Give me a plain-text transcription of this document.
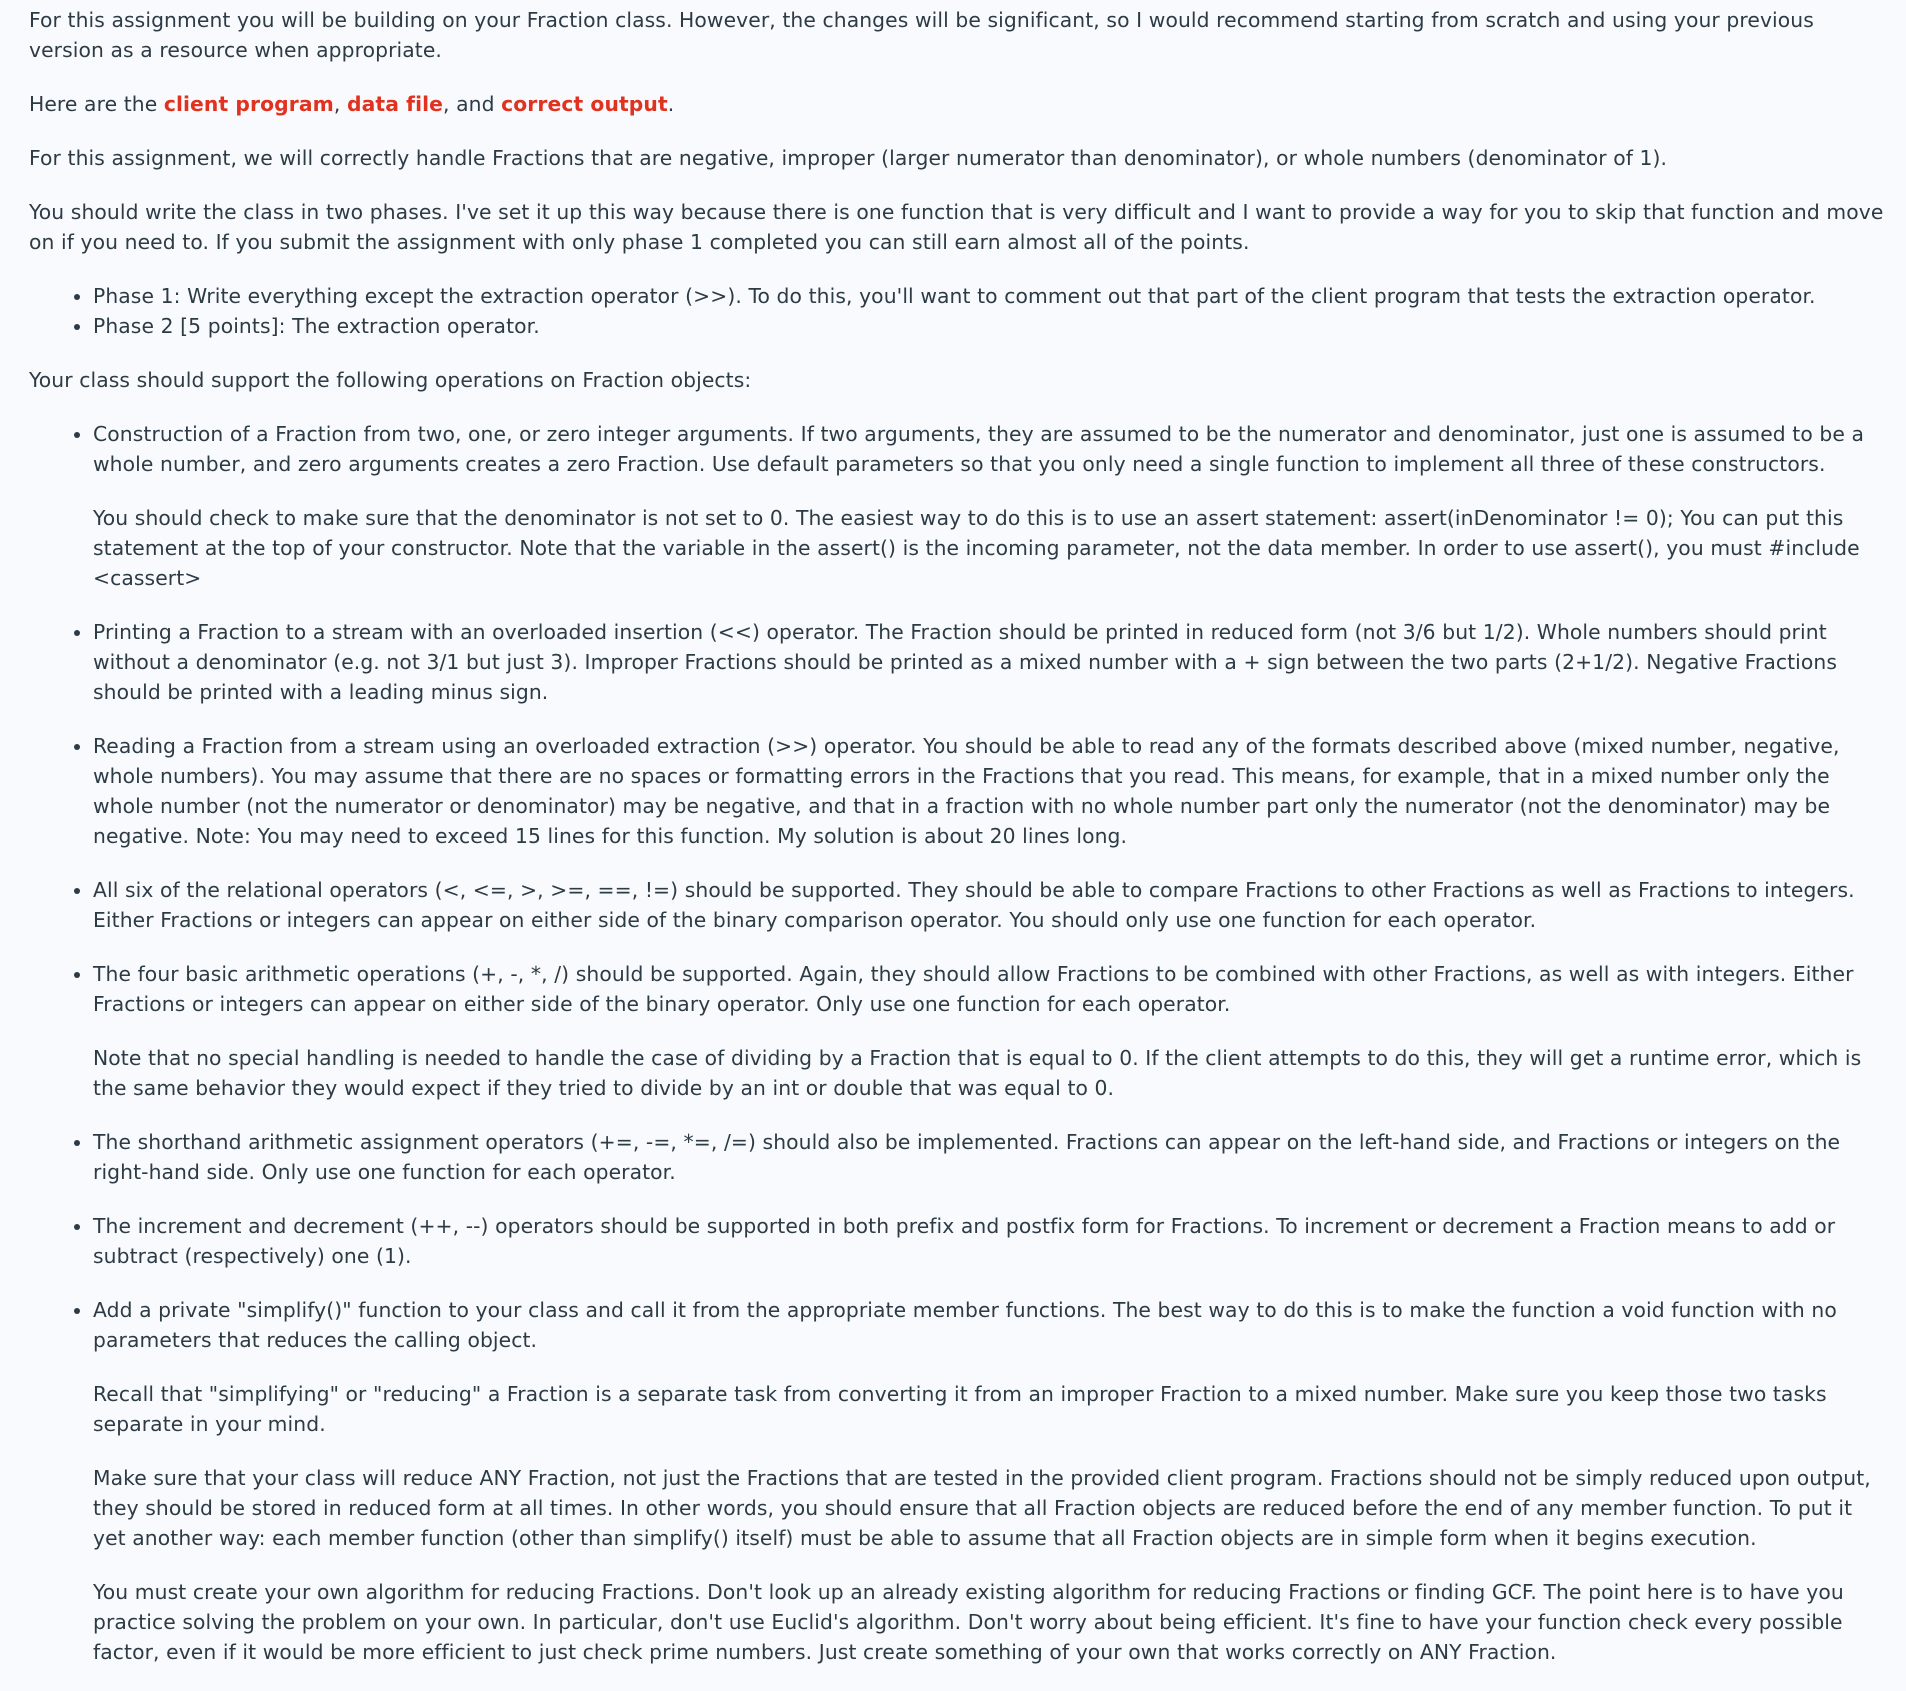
For this assignment you will be building on your Fraction class. However, the changes will be significant, so I would recommend starting from scratch and using your previous version as a resource when appropriate.

Here are the client program, data file, and correct output.

For this assignment, we will correctly handle Fractions that are negative, improper (larger numerator than denominator), or whole numbers (denominator of 1).

You should write the class in two phases. I've set it up this way because there is one function that is very difficult and I want to provide a way for you to skip that function and move on if you need to. If you submit the assignment with only phase 1 completed you can still earn almost all of the points.

• Phase 1: Write everything except the extraction operator (>>). To do this, you'll want to comment out that part of the client program that tests the extraction operator.
• Phase 2 [5 points]: The extraction operator.

Your class should support the following operations on Fraction objects:

• Construction of a Fraction from two, one, or zero integer arguments. If two arguments, they are assumed to be the numerator and denominator, just one is assumed to be a whole number, and zero arguments creates a zero Fraction. Use default parameters so that you only need a single function to implement all three of these constructors.

You should check to make sure that the denominator is not set to 0. The easiest way to do this is to use an assert statement: assert(inDenominator != 0); You can put this statement at the top of your constructor. Note that the variable in the assert() is the incoming parameter, not the data member. In order to use assert(), you must #include <cassert>

• Printing a Fraction to a stream with an overloaded insertion (<<) operator. The Fraction should be printed in reduced form (not 3/6 but 1/2). Whole numbers should print without a denominator (e.g. not 3/1 but just 3). Improper Fractions should be printed as a mixed number with a + sign between the two parts (2+1/2). Negative Fractions should be printed with a leading minus sign.
• Reading a Fraction from a stream using an overloaded extraction (>>) operator. You should be able to read any of the formats described above (mixed number, negative, whole numbers). You may assume that there are no spaces or formatting errors in the Fractions that you read. This means, for example, that in a mixed number only the whole number (not the numerator or denominator) may be negative, and that in a fraction with no whole number part only the numerator (not the denominator) may be negative. Note: You may need to exceed 15 lines for this function. My solution is about 20 lines long.
• All six of the relational operators (<, <=, >, >=, ==, !=) should be supported. They should be able to compare Fractions to other Fractions as well as Fractions to integers. Either Fractions or integers can appear on either side of the binary comparison operator. You should only use one function for each operator.
• The four basic arithmetic operations (+, -, *, /) should be supported. Again, they should allow Fractions to be combined with other Fractions, as well as with integers. Either Fractions or integers can appear on either side of the binary operator. Only use one function for each operator.

Note that no special handling is needed to handle the case of dividing by a Fraction that is equal to 0. If the client attempts to do this, they will get a runtime error, which is the same behavior they would expect if they tried to divide by an int or double that was equal to 0.

• The shorthand arithmetic assignment operators (+=, -=, *=, /=) should also be implemented. Fractions can appear on the left-hand side, and Fractions or integers on the right-hand side. Only use one function for each operator.
• The increment and decrement (++, --) operators should be supported in both prefix and postfix form for Fractions. To increment or decrement a Fraction means to add or subtract (respectively) one (1).
• Add a private "simplify()" function to your class and call it from the appropriate member functions. The best way to do this is to make the function a void function with no parameters that reduces the calling object.

Recall that "simplifying" or "reducing" a Fraction is a separate task from converting it from an improper Fraction to a mixed number. Make sure you keep those two tasks separate in your mind.

Make sure that your class will reduce ANY Fraction, not just the Fractions that are tested in the provided client program. Fractions should not be simply reduced upon output, they should be stored in reduced form at all times. In other words, you should ensure that all Fraction objects are reduced before the end of any member function. To put it yet another way: each member function (other than simplify() itself) must be able to assume that all Fraction objects are in simple form when it begins execution.

You must create your own algorithm for reducing Fractions. Don't look up an already existing algorithm for reducing Fractions or finding GCF. The point here is to have you practice solving the problem on your own. In particular, don't use Euclid's algorithm. Don't worry about being efficient. It's fine to have your function check every possible factor, even if it would be more efficient to just check prime numbers. Just create something of your own that works correctly on ANY Fraction.
